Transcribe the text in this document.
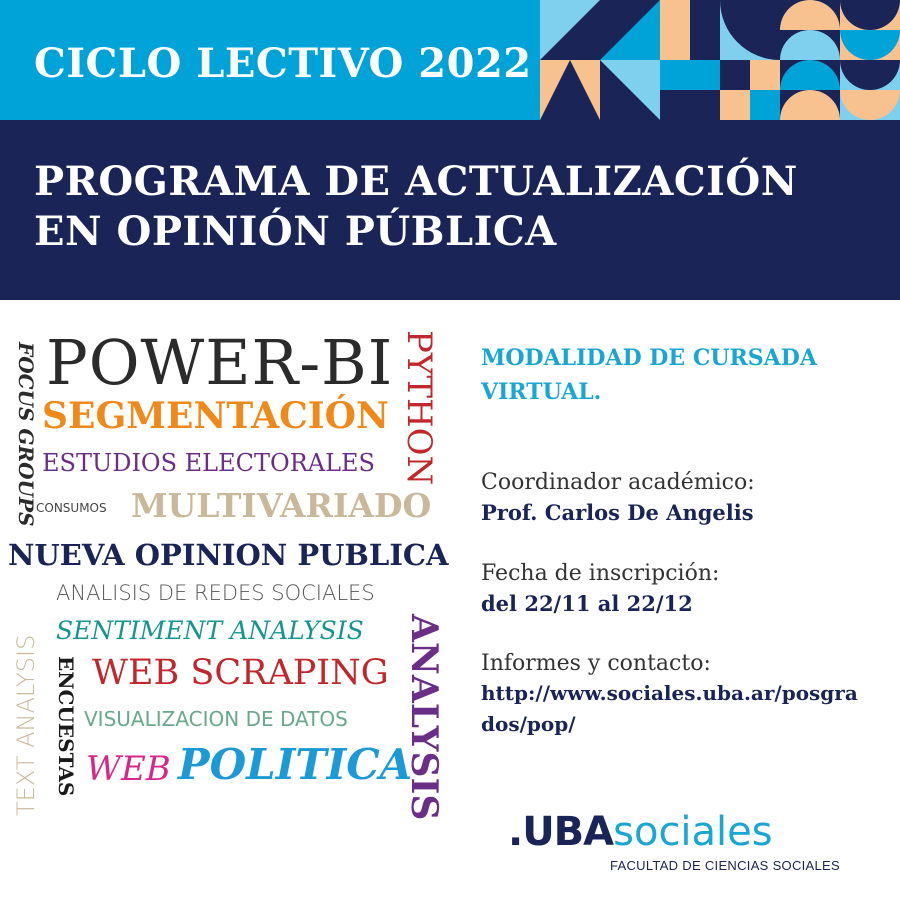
CICLO LECTIVO 2022
PROGRAMA DE ACTUALIZACIÓN
EN OPINIÓN PÚBLICA
POWER-BI
SEGMENTACIÓN
ESTUDIOS ELECTORALES
CONSUMOS MULTIVARIADO
NUEVA OPINION PUBLICA
ANALISIS DE REDES SOCIALES
SENTIMENT ANALYSIS
WEB SCRAPING
VISUALIZACION DE DATOS
WEB POLITICA
FOCUS GROUPS	PYTHON
TEXT ANALYSIS ENCUESTAS	ANALYSIS
MODALIDAD DE CURSADA
VIRTUAL.
Coordinador académico:
Prof. Carlos De Angelis
Fecha de inscripción:
del 22/11 al 22/12
Informes y contacto:
http://www.sociales.uba.ar/posgra
dos/pop/
.UBAsociales
FACULTAD DE CIENCIAS SOCIALES
